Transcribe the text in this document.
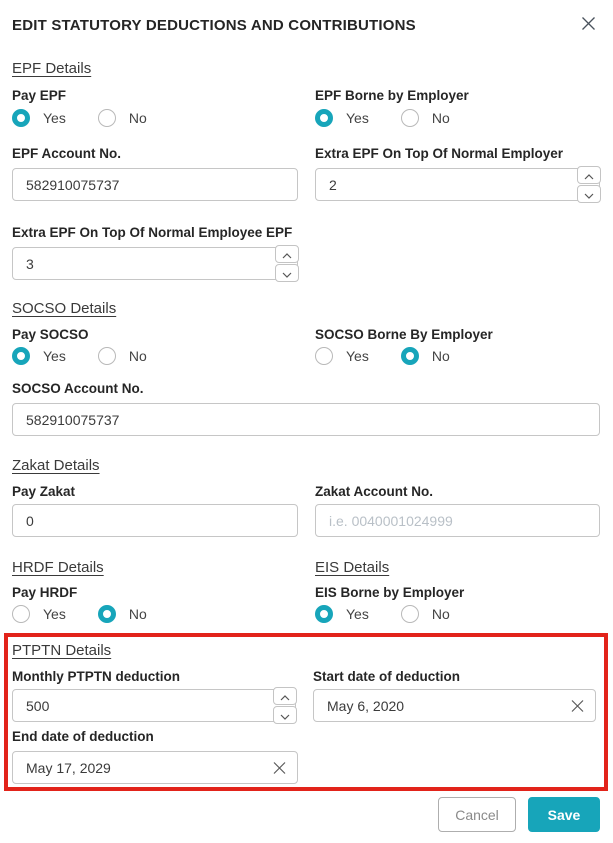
EDIT STATUTORY DEDUCTIONS AND CONTRIBUTIONS
EPF Details
Pay EPF	EPF Borne by Employer
Yes	No	Yes	No
EPF Account No.	Extra EPF On Top Of Normal Employer
582910075737
2
Extra EPF On Top Of Normal Employee EPF
3
SOCSO Details
Pay SOCSO	SOCSO Borne By Employer
Yes	No	Yes	No
SOCSO Account No.
582910075737
Zakat Details
Pay Zakat	Zakat Account No.
0
i.e. 0040001024999
HRDF Details	EIS Details
Pay HRDF	EIS Borne by Employer
Yes	No	Yes	No
PTPTN Details
Monthly PTPTN deduction	Start date of deduction
500
May 6, 2020
End date of deduction
May 17, 2029
Cancel	Save
